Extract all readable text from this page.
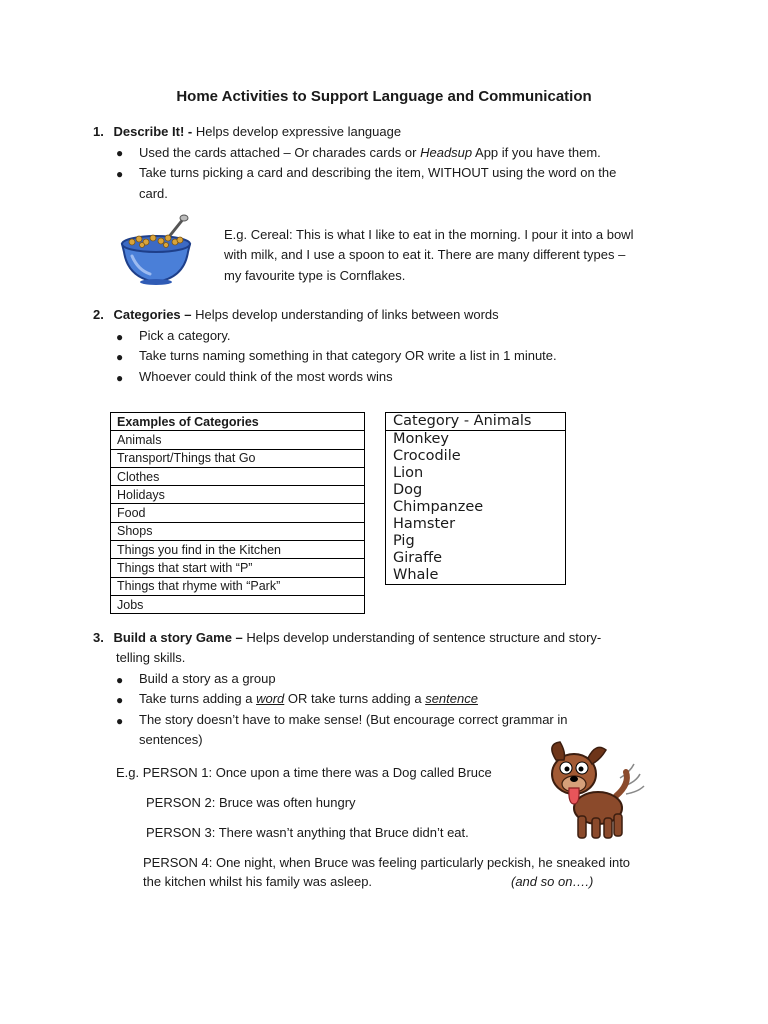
Home Activities to Support Language and Communication
1. Describe It! - Helps develop expressive language
● Used the cards attached – Or charades cards or Headsup App if you have them.
● Take turns picking a card and describing the item, WITHOUT using the word on the
card.
E.g. Cereal: This is what I like to eat in the morning. I pour it into a bowl
with milk, and I use a spoon to eat it. There are many different types –
my favourite type is Cornflakes.
2. Categories – Helps develop understanding of links between words
● Pick a category.
● Take turns naming something in that category OR write a list in 1 minute.
● Whoever could think of the most words wins
Examples of Categories
Animals
Transport/Things that Go
Clothes
Holidays
Food
Shops
Things you find in the Kitchen
Things that start with “P”
Things that rhyme with “Park”
Jobs
Category - Animals
Monkey
Crocodile
Lion
Dog
Chimpanzee
Hamster
Pig
Giraffe
Whale
3. Build a story Game – Helps develop understanding of sentence structure and story-
telling skills.
● Build a story as a group
● Take turns adding a word OR take turns adding a sentence
● The story doesn’t have to make sense! (But encourage correct grammar in
sentences)
E.g. PERSON 1: Once upon a time there was a Dog called Bruce
PERSON 2: Bruce was often hungry
PERSON 3: There wasn’t anything that Bruce didn’t eat.
PERSON 4: One night, when Bruce was feeling particularly peckish, he sneaked into
the kitchen whilst his family was asleep.	(and so on….)
